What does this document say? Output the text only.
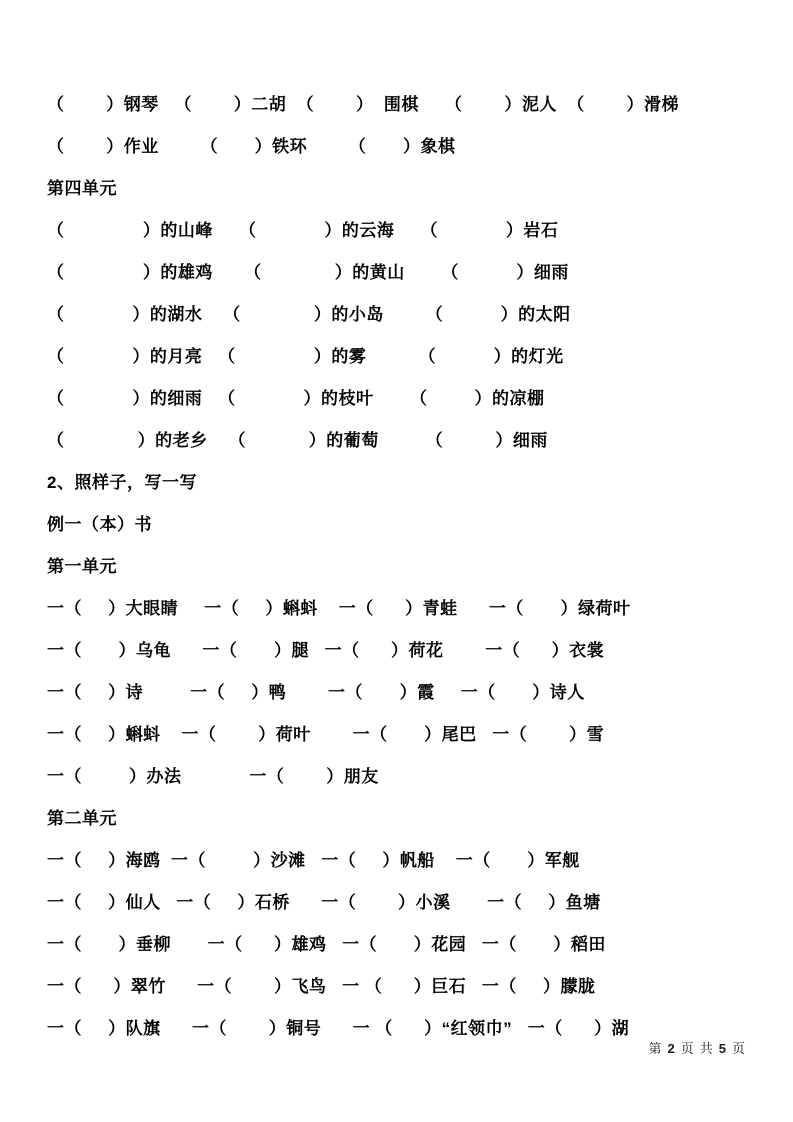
（        ）钢琴   （        ）二胡  （        ）  围棋     （        ）泥人  （        ）滑梯
（        ）作业        （       ）铁环        （       ）象棋
第四单元
（               ）的山峰     （             ）的云海     （             ）岩石
（               ）的雄鸡      （              ）的黄山       （           ）细雨
（             ）的湖水    （              ）的小岛        （           ）的太阳
（             ）的月亮   （               ）的雾          （           ）的灯光
（             ）的细雨   （             ）的枝叶       （         ）的凉棚
（              ）的老乡    （            ）的葡萄         （          ）细雨
2、照样子，写一写
例一（本）书
第一单元
一（     ）大眼睛     一（     ）蝌蚪    一（      ）青蛙      一（       ）绿荷叶
一（       ）乌龟      一（       ）腿   一（      ）荷花        一（      ）衣裳
一（     ）诗         一（     ）鸭        一（       ）霞     一（       ）诗人
一（     ）蝌蚪    一（        ）荷叶        一（       ）尾巴   一（        ）雪
一（         ）办法             一（        ）朋友
第二单元
一（     ）海鸥  一（         ）沙滩   一（     ）帆船    一（       ）军舰
一（     ）仙人   一（     ）石桥      一（        ）小溪       一（     ）鱼塘
一（       ）垂柳       一（      ）雄鸡   一（       ）花园   一（       ）稻田
一（      ）翠竹      一（        ）飞鸟   一 （      ）巨石   一（     ）朦胧
一（     ）队旗      一（        ）铜号      一 （      ）“红领巾”   一（      ）湖
第 2 页 共 5 页
